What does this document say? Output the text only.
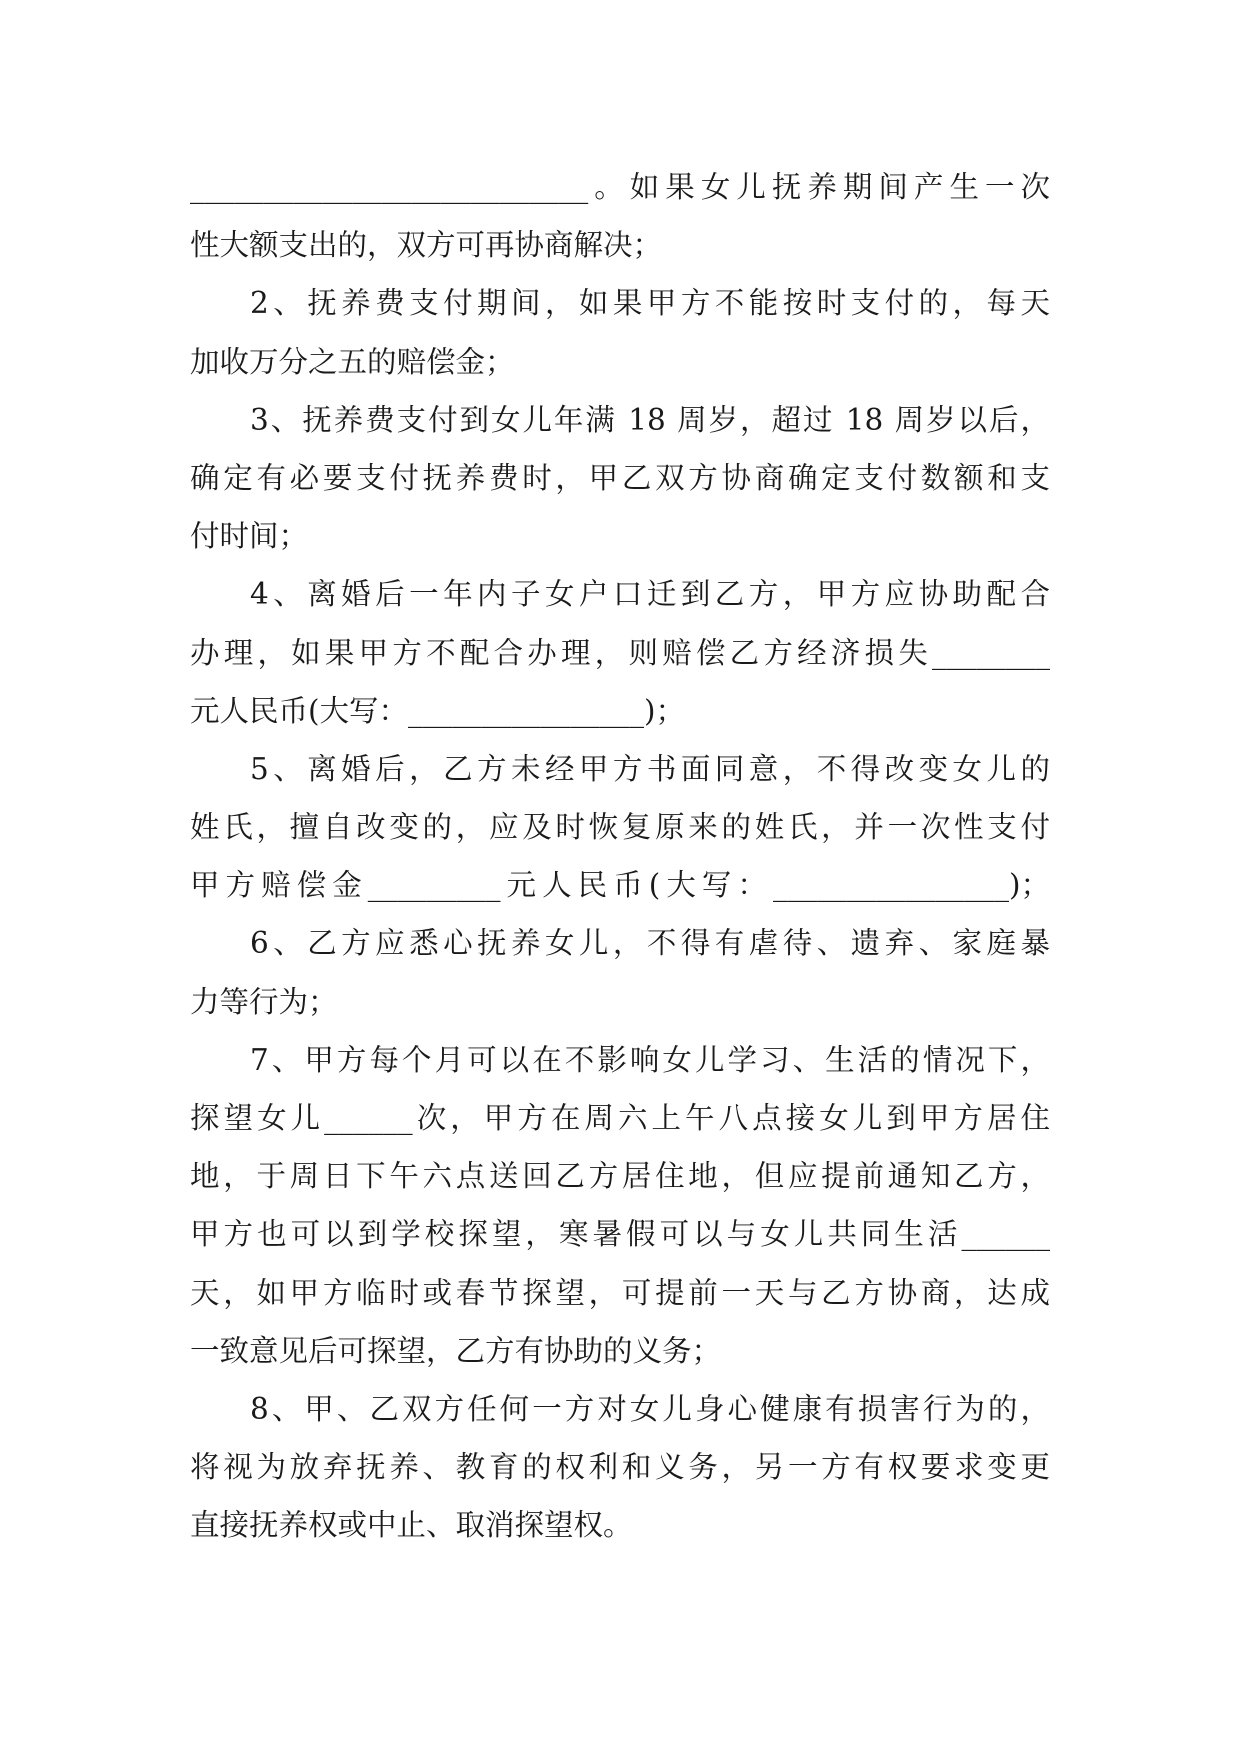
___________________________。如果女儿抚养期间产生一次
性大额支出的，双方可再协商解决；
2、抚养费支付期间，如果甲方不能按时支付的，每天
加收万分之五的赔偿金；
3、抚养费支付到女儿年满 18 周岁，超过 18 周岁以后，
确定有必要支付抚养费时，甲乙双方协商确定支付数额和支
付时间；
4、离婚后一年内子女户口迁到乙方，甲方应协助配合
办理，如果甲方不配合办理，则赔偿乙方经济损失________
元人民币(大写：________________)；
5、离婚后，乙方未经甲方书面同意，不得改变女儿的
姓氏，擅自改变的，应及时恢复原来的姓氏，并一次性支付
甲方赔偿金_________元人民币(大写：________________)；
6、乙方应悉心抚养女儿，不得有虐待、遗弃、家庭暴
力等行为；
7、甲方每个月可以在不影响女儿学习、生活的情况下，
探望女儿______次，甲方在周六上午八点接女儿到甲方居住
地，于周日下午六点送回乙方居住地，但应提前通知乙方，
甲方也可以到学校探望，寒暑假可以与女儿共同生活______
天，如甲方临时或春节探望，可提前一天与乙方协商，达成
一致意见后可探望，乙方有协助的义务；
8、甲、乙双方任何一方对女儿身心健康有损害行为的，
将视为放弃抚养、教育的权利和义务，另一方有权要求变更
直接抚养权或中止、取消探望权。
